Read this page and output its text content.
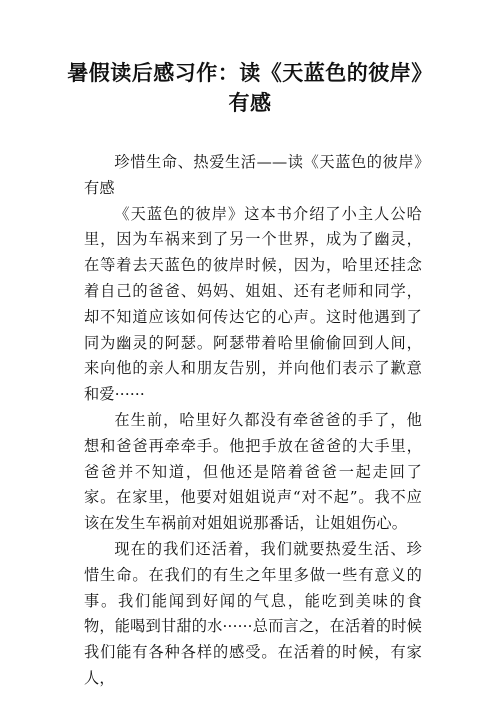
暑假读后感习作：读《天蓝色的彼岸》
有感

珍惜生命、热爱生活——读《天蓝色的彼岸》有感

《天蓝色的彼岸》这本书介绍了小主人公哈里，因为车祸来到了另一个世界，成为了幽灵，在等着去天蓝色的彼岸时候，因为，哈里还挂念着自己的爸爸、妈妈、姐姐、还有老师和同学，却不知道应该如何传达它的心声。这时他遇到了同为幽灵的阿瑟。阿瑟带着哈里偷偷回到人间，来向他的亲人和朋友告别，并向他们表示了歉意和爱······

在生前，哈里好久都没有牵爸爸的手了，他想和爸爸再牵牵手。他把手放在爸爸的大手里，爸爸并不知道，但他还是陪着爸爸一起走回了家。在家里，他要对姐姐说声“对不起”。我不应该在发生车祸前对姐姐说那番话，让姐姐伤心。

现在的我们还活着，我们就要热爱生活、珍惜生命。在我们的有生之年里多做一些有意义的事。我们能闻到好闻的气息，能吃到美味的食物，能喝到甘甜的水······总而言之，在活着的时候我们能有各种各样的感受。在活着的时候，有家人，
